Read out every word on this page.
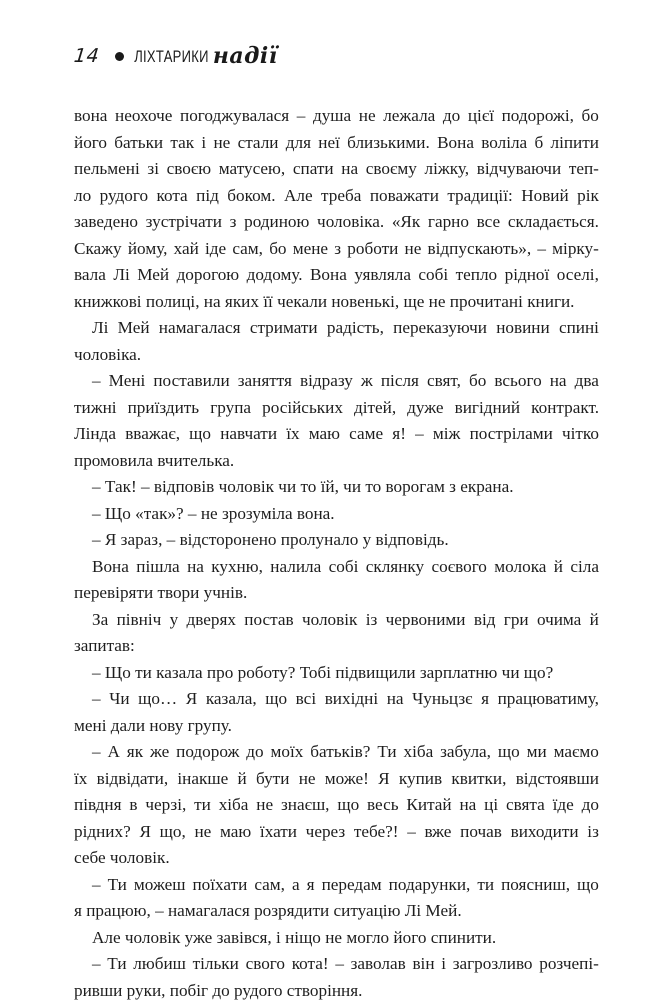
14	ЛІХТАРИКИ надії
вона неохоче погоджувалася – душа не лежала до цієї подорожі, бо
його батьки так і не стали для неї близькими. Вона воліла б ліпити
пельмені зі своєю матусею, спати на своєму ліжку, відчуваючи теп-
ло рудого кота під боком. Але треба поважати традиції: Новий рік
заведено зустрічати з родиною чоловіка. «Як гарно все складається.
Скажу йому, хай іде сам, бо мене з роботи не відпускають», – мірку-
вала Лі Мей дорогою додому. Вона уявляла собі тепло рідної оселі,
книжкові полиці, на яких її чекали новенькі, ще не прочитані книги.
Лі Мей намагалася стримати радість, переказуючи новини спині
чоловіка.
– Мені поставили заняття відразу ж після свят, бо всього на два
тижні приїздить група російських дітей, дуже вигідний контракт.
Лінда вважає, що навчати їх маю саме я! – між пострілами чітко
промовила вчителька.
– Так! – відповів чоловік чи то їй, чи то ворогам з екрана.
– Що «так»? – не зрозуміла вона.
– Я зараз, – відсторонено пролунало у відповідь.
Вона пішла на кухню, налила собі склянку соєвого молока й сіла
перевіряти твори учнів.
За північ у дверях постав чоловік із червоними від гри очима й
запитав:
– Що ти казала про роботу? Тобі підвищили зарплатню чи що?
– Чи що… Я казала, що всі вихідні на Чуньцзє я працюватиму,
мені дали нову групу.
– А як же подорож до моїх батьків? Ти хіба забула, що ми маємо
їх відвідати, інакше й бути не може! Я купив квитки, відстоявши
півдня в черзі, ти хіба не знаєш, що весь Китай на ці свята їде до
рідних? Я що, не маю їхати через тебе?! – вже почав виходити із
себе чоловік.
– Ти можеш поїхати сам, а я передам подарунки, ти поясниш, що
я працюю, – намагалася розрядити ситуацію Лі Мей.
Але чоловік уже завівся, і ніщо не могло його спинити.
– Ти любиш тільки свого кота! – заволав він і загрозливо розчепі-
ривши руки, побіг до рудого створіння.
